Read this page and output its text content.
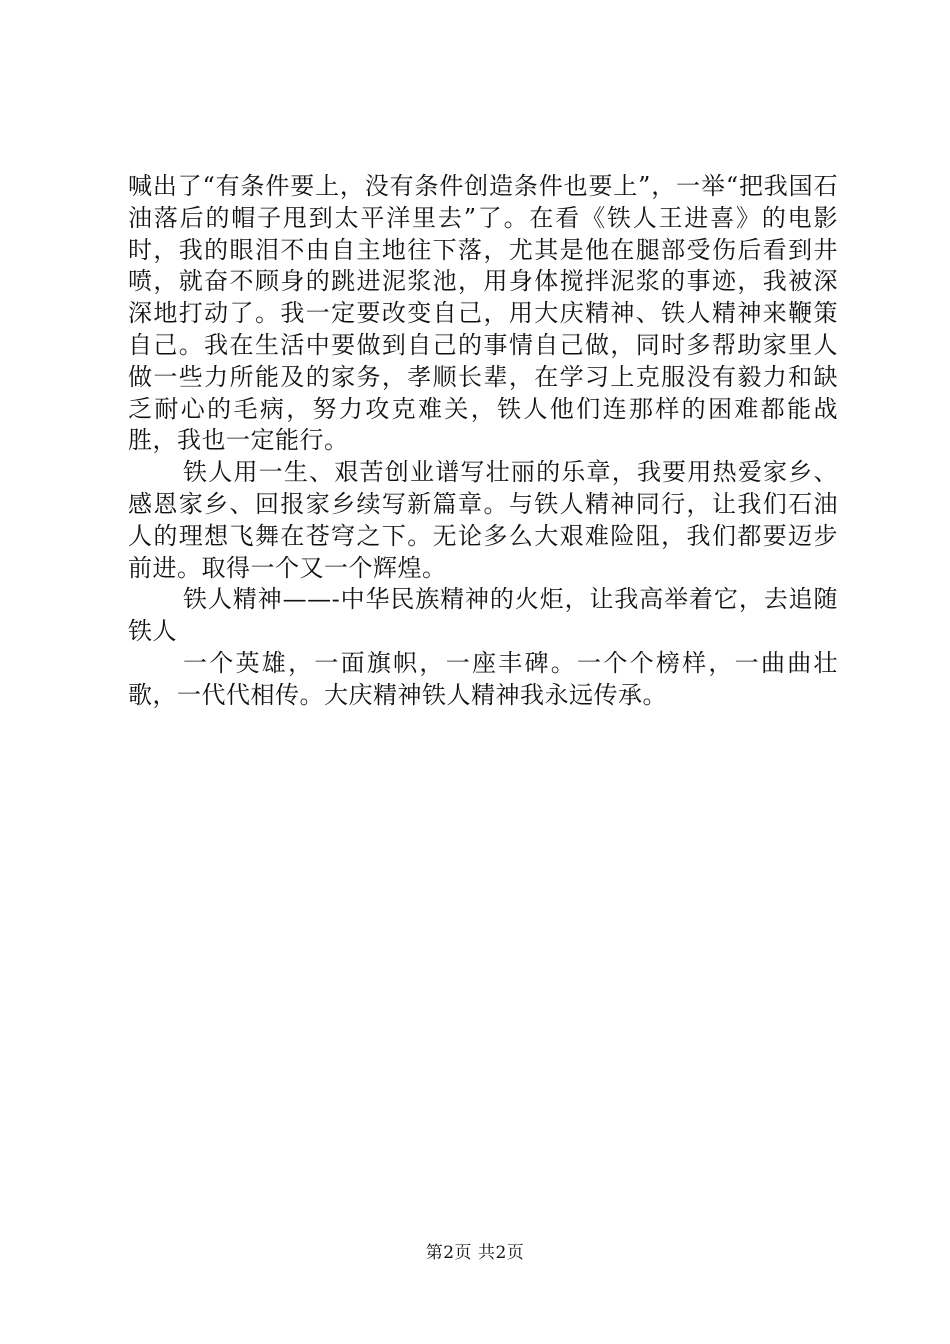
喊出了“有条件要上，没有条件创造条件也要上”，一举“把我国石油落后的帽子甩到太平洋里去”了。在看《铁人王进喜》的电影时，我的眼泪不由自主地往下落，尤其是他在腿部受伤后看到井喷，就奋不顾身的跳进泥浆池，用身体搅拌泥浆的事迹，我被深深地打动了。我一定要改变自己，用大庆精神、铁人精神来鞭策自己。我在生活中要做到自己的事情自己做，同时多帮助家里人做一些力所能及的家务，孝顺长辈，在学习上克服没有毅力和缺乏耐心的毛病，努力攻克难关，铁人他们连那样的困难都能战胜，我也一定能行。

铁人用一生、艰苦创业谱写壮丽的乐章，我要用热爱家乡、感恩家乡、回报家乡续写新篇章。与铁人精神同行，让我们石油人的理想飞舞在苍穹之下。无论多么大艰难险阻，我们都要迈步前进。取得一个又一个辉煌。

铁人精神——-中华民族精神的火炬，让我高举着它，去追随铁人

一个英雄，一面旗帜，一座丰碑。一个个榜样，一曲曲壮歌，一代代相传。大庆精神铁人精神我永远传承。

第2页 共2页
